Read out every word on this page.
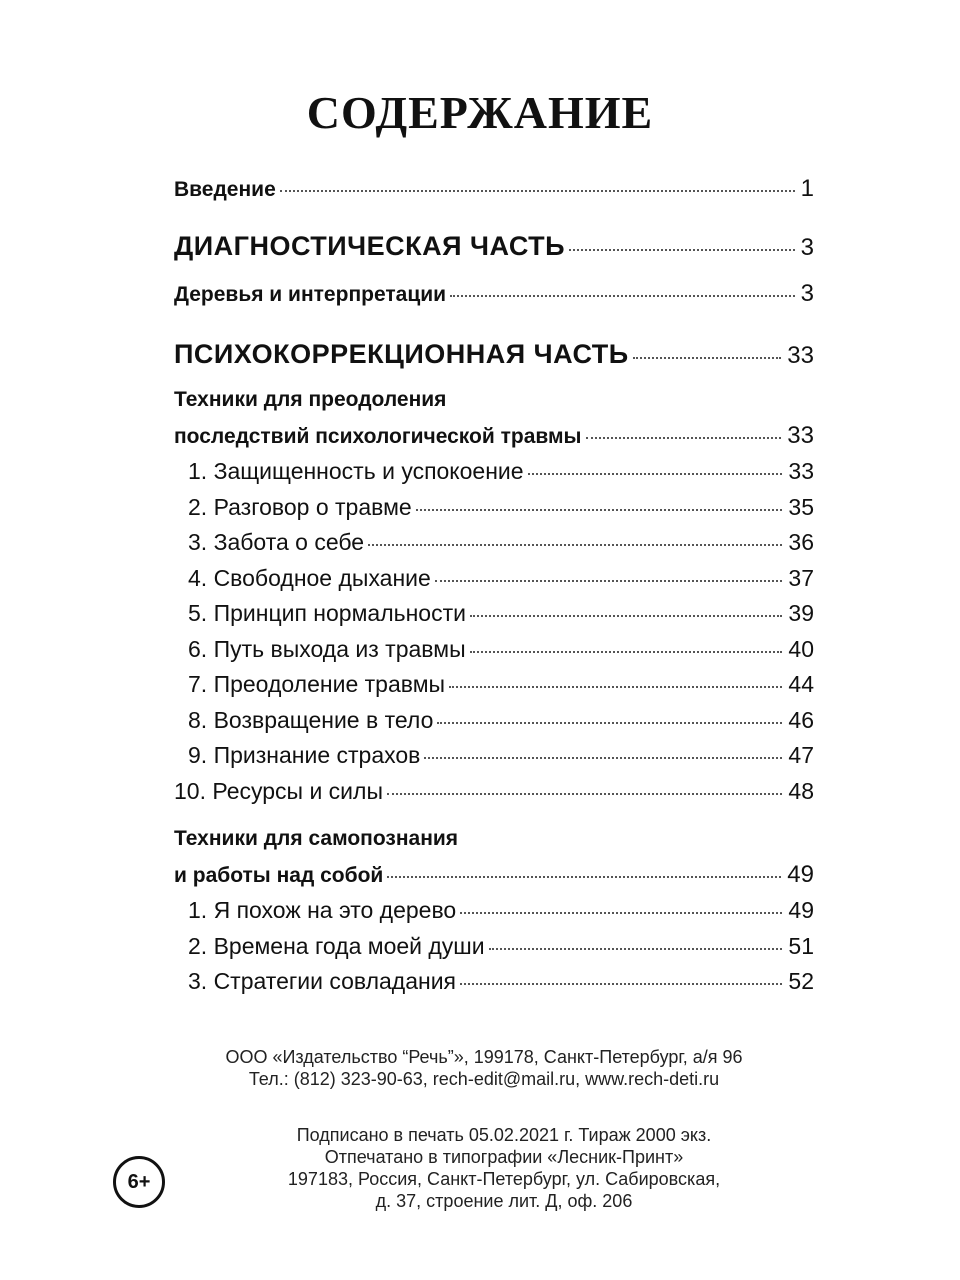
СОДЕРЖАНИЕ
Введение	1
ДИАГНОСТИЧЕСКАЯ ЧАСТЬ	3
Деревья и интерпретации	3
ПСИХОКОРРЕКЦИОННАЯ ЧАСТЬ	33
Техники для преодоления
последствий психологической травмы	33
1. Защищенность и успокоение	33
2. Разговор о травме	35
3. Забота о себе	36
4. Свободное дыхание	37
5. Принцип нормальности	39
6. Путь выхода из травмы	40
7. Преодоление травмы	44
8. Возвращение в тело	46
9. Признание страхов	47
10. Ресурсы и силы	48
Техники для самопознания
и работы над собой	49
1. Я похож на это дерево	49
2. Времена года моей души	51
3. Стратегии совладания	52
ООО «Издательство “Речь”», 199178, Санкт-Петербург, а/я 96
Тел.: (812) 323-90-63, rech-edit@mail.ru, www.rech-deti.ru
Подписано в печать 05.02.2021 г. Тираж 2000 экз.
Отпечатано в типографии «Лесник-Принт»
197183, Россия, Санкт-Петербург, ул. Сабировская,
д. 37, строение лит. Д, оф. 206
6+
